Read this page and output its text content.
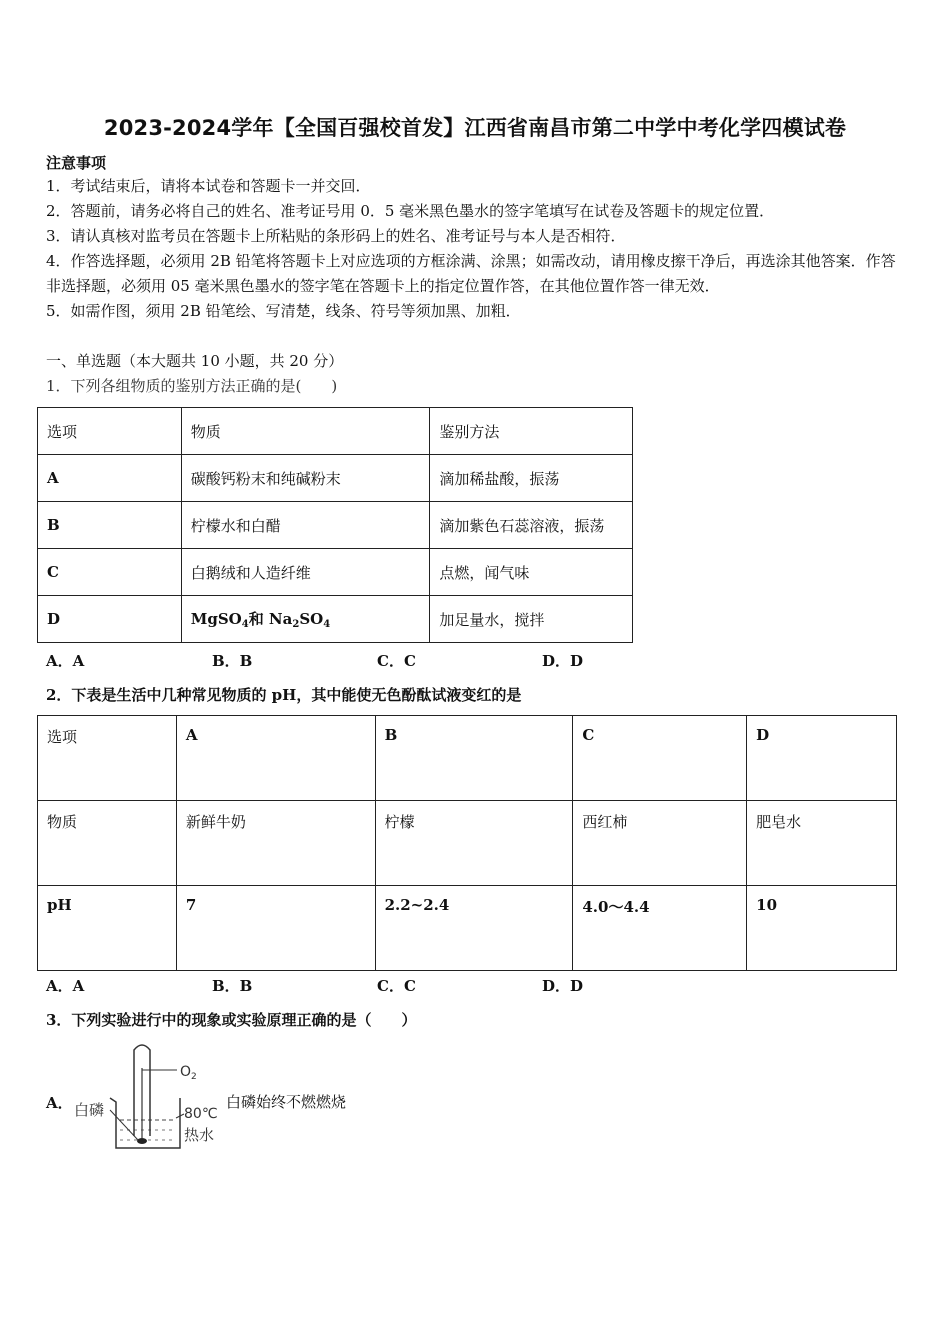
2023-2024学年【全国百强校首发】江西省南昌市第二中学中考化学四模试卷
注意事项
1．考试结束后，请将本试卷和答题卡一并交回．
2．答题前，请务必将自己的姓名、准考证号用 0．5 毫米黑色墨水的签字笔填写在试卷及答题卡的规定位置．
3．请认真核对监考员在答题卡上所粘贴的条形码上的姓名、准考证号与本人是否相符．
4．作答选择题，必须用 2B 铅笔将答题卡上对应选项的方框涂满、涂黑；如需改动，请用橡皮擦干净后，再选涂其他答案．作答非选择题，必须用 05 毫米黑色墨水的签字笔在答题卡上的指定位置作答，在其他位置作答一律无效．
5．如需作图，须用 2B 铅笔绘、写清楚，线条、符号等须加黑、加粗．
一、单选题（本大题共 10 小题，共 20 分）
1．下列各组物质的鉴别方法正确的是(　　)
选项	物质	鉴别方法
A	碳酸钙粉末和纯碱粉末	滴加稀盐酸，振荡
B	柠檬水和白醋	滴加紫色石蕊溶液，振荡
C	白鹅绒和人造纤维	点燃，闻气味
D	MgSO$_4$和 $Na_2SO_4$	加足量水，搅拌
A．A	B．B	C．C	D．D
2．下表是生活中几种常见物质的 pH，其中能使无色酚酞试液变红的是
选项	A	B	C	D
物质	新鲜牛奶	柠檬	西红柿	肥皂水
pH	7	2.2~2.4	4.0～4.4	10
A．A	B．B	C．C	D．D
3．下列实验进行中的现象或实验原理正确的是（　　）
A．
$O_2$
白磷	80℃
热水
白磷始终不燃燃烧
